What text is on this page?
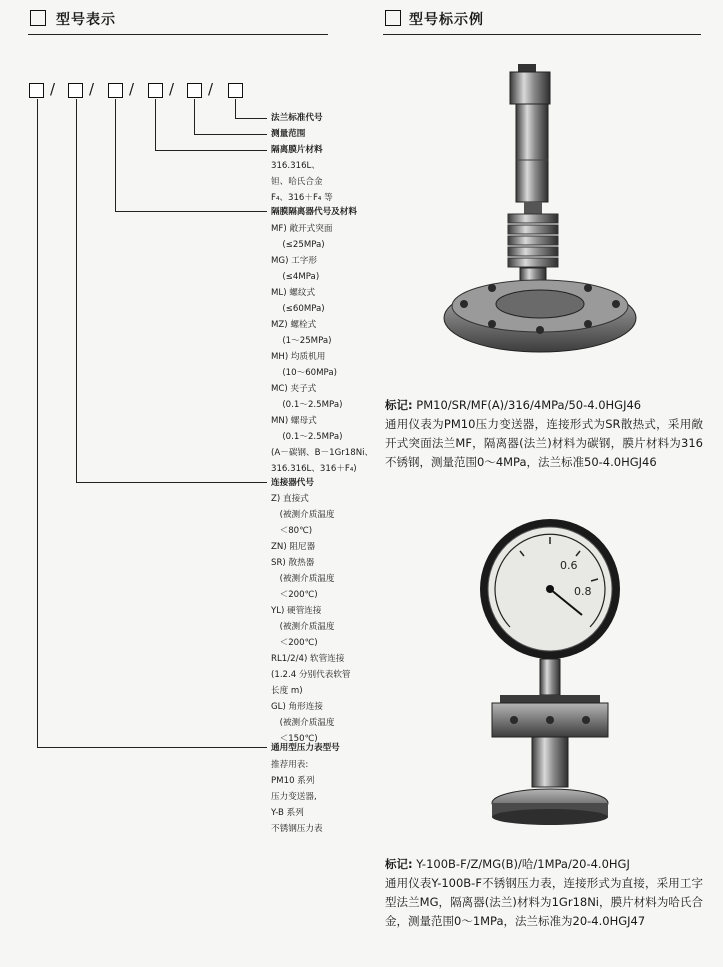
型号表示	型号标示例
/ / / / /
法兰标准代号
测量范围
隔离膜片材料
316.316L、
钽、哈氏合金
F₄、316＋F₄ 等
隔膜隔离器代号及材料
MF) 敞开式突面
　 (≤25MPa)
MG) 工字形
　 (≤4MPa)
ML) 螺纹式
　 (≤60MPa)
MZ) 螺栓式
　 (1～25MPa)
MH) 均质机用
　 (10～60MPa)
MC) 夹子式
　 (0.1～2.5MPa)
MN) 螺母式
　 (0.1～2.5MPa)
(A－碳钢、B－1Gr18Ni、
316.316L、316＋F₄)
连接器代号
Z) 直接式
　(被测介质温度
　＜80℃)
ZN) 阻尼器
SR) 散热器
　(被测介质温度
　＜200℃)
YL) 硬管连接
　(被测介质温度
　＜200℃)
RL1/2/4) 软管连接
(1.2.4 分别代表软管
长度 m)
GL) 角形连接
　(被测介质温度
　＜150℃)
通用型压力表型号
推荐用表:
PM10 系列
压力变送器,
Y-B 系列
不锈钢压力表
标记: PM10/SR/MF(A)/316/4MPa/50-4.0HGJ46
通用仪表为PM10压力变送器，连接形式为SR散热式，采用敞开式突面法兰MF，隔离器(法兰)材料为碳钢，膜片材料为316不锈钢，测量范围0～4MPa，法兰标准50-4.0HGJ46
0.6
0.8
标记: Y-100B-F/Z/MG(B)/哈/1MPa/20-4.0HGJ
通用仪表Y-100B-F不锈钢压力表，连接形式为直接，采用工字型法兰MG，隔离器(法兰)材料为1Gr18Ni，膜片材料为哈氏合金，测量范围0～1MPa，法兰标准为20-4.0HGJ47
